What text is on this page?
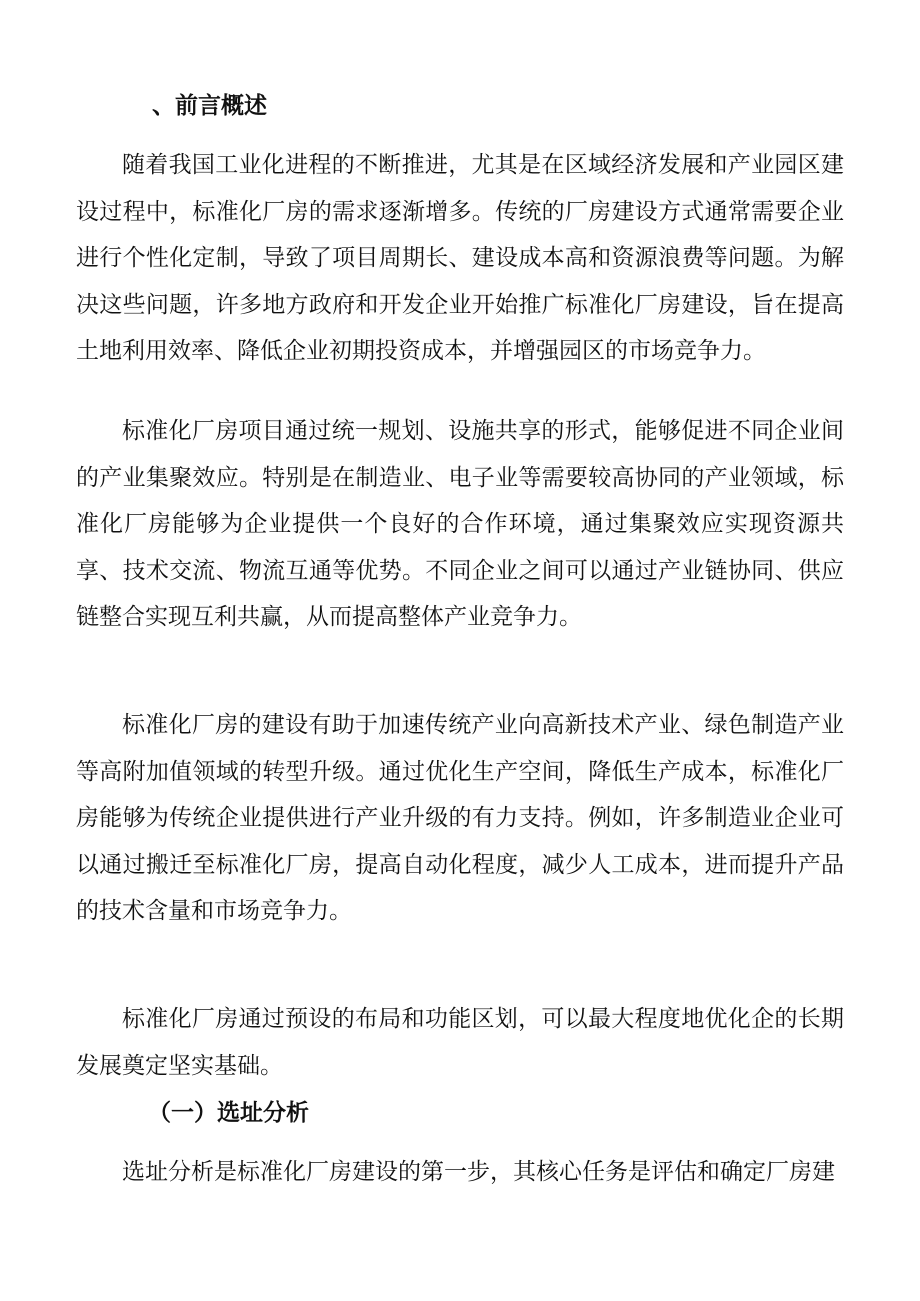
、前言概述

随着我国工业化进程的不断推进，尤其是在区域经济发展和产业园区建设过程中，标准化厂房的需求逐渐增多。传统的厂房建设方式通常需要企业进行个性化定制，导致了项目周期长、建设成本高和资源浪费等问题。为解决这些问题，许多地方政府和开发企业开始推广标准化厂房建设，旨在提高土地利用效率、降低企业初期投资成本，并增强园区的市场竞争力。

标准化厂房项目通过统一规划、设施共享的形式，能够促进不同企业间的产业集聚效应。特别是在制造业、电子业等需要较高协同的产业领域，标准化厂房能够为企业提供一个良好的合作环境，通过集聚效应实现资源共享、技术交流、物流互通等优势。不同企业之间可以通过产业链协同、供应链整合实现互利共赢，从而提高整体产业竞争力。

标准化厂房的建设有助于加速传统产业向高新技术产业、绿色制造产业等高附加值领域的转型升级。通过优化生产空间，降低生产成本，标准化厂房能够为传统企业提供进行产业升级的有力支持。例如，许多制造业企业可以通过搬迁至标准化厂房，提高自动化程度，减少人工成本，进而提升产品的技术含量和市场竞争力。

标准化厂房通过预设的布局和功能区划，可以最大程度地优化企的长期发展奠定坚实基础。

（一）选址分析

选址分析是标准化厂房建设的第一步，其核心任务是评估和确定厂房建
